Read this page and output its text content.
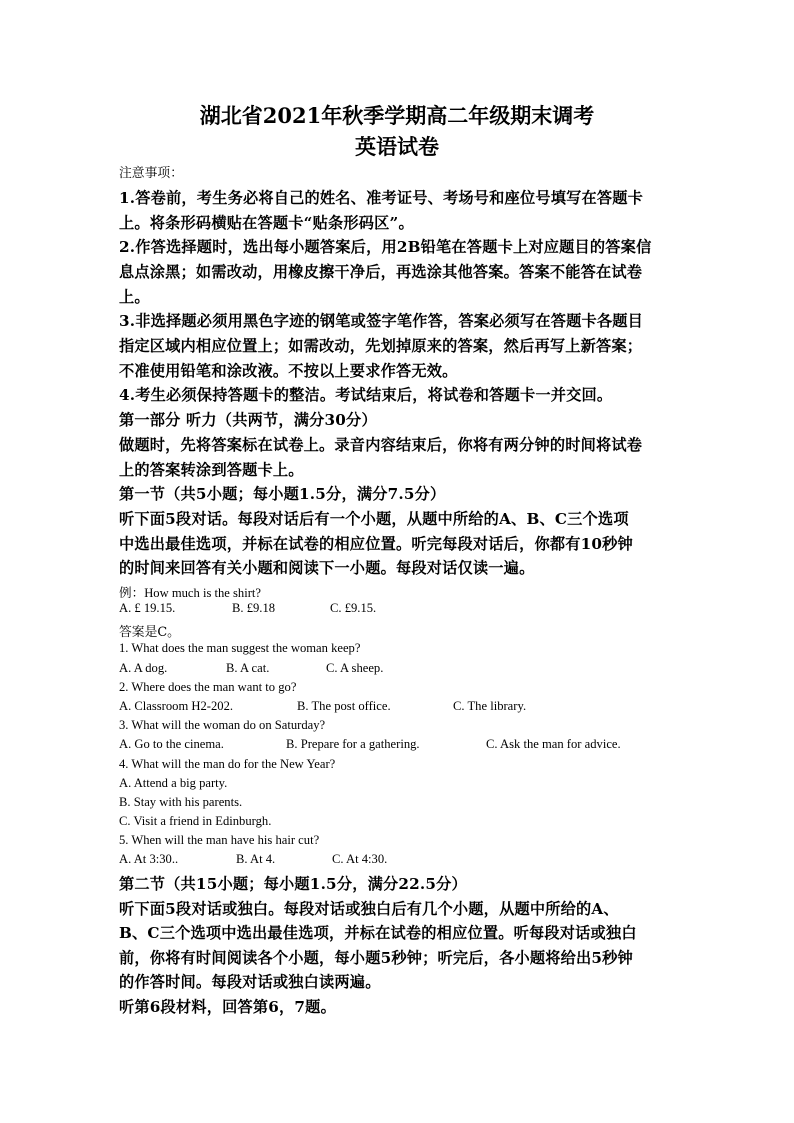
湖北省2021年秋季学期高二年级期末调考
英语试卷
注意事项：
1.答卷前，考生务必将自己的姓名、准考证号、考场号和座位号填写在答题卡
上。将条形码横贴在答题卡“贴条形码区”。
2.作答选择题时，选出每小题答案后，用2B铅笔在答题卡上对应题目的答案信
息点涂黑；如需改动，用橡皮擦干净后，再选涂其他答案。答案不能答在试卷
上。
3.非选择题必须用黑色字迹的钢笔或签字笔作答，答案必须写在答题卡各题目
指定区域内相应位置上；如需改动，先划掉原来的答案，然后再写上新答案；
不准使用铅笔和涂改液。不按以上要求作答无效。
4.考生必须保持答题卡的整洁。考试结束后，将试卷和答题卡一并交回。
第一部分 听力（共两节，满分30分）
做题时，先将答案标在试卷上。录音内容结束后，你将有两分钟的时间将试卷
上的答案转涂到答题卡上。
第一节（共5小题；每小题1.5分，满分7.5分）
听下面5段对话。每段对话后有一个小题，从题中所给的A、B、C三个选项
中选出最佳选项，并标在试卷的相应位置。听完每段对话后，你都有10秒钟
的时间来回答有关小题和阅读下一小题。每段对话仅读一遍。
例：How much is the shirt?
A. £ 19.15.	B. £9.18	C. £9.15.
答案是C。
1. What does the man suggest the woman keep?
A. A dog.	B. A cat.	C. A sheep.
2. Where does the man want to go?
A. Classroom H2-202.	B. The post office.	C. The library.
3. What will the woman do on Saturday?
A. Go to the cinema.	B. Prepare for a gathering.	C. Ask the man for advice.
4. What will the man do for the New Year?
A. Attend a big party.
B. Stay with his parents.
C. Visit a friend in Edinburgh.
5. When will the man have his hair cut?
A. At 3:30..	B. At 4.	C. At 4:30.
第二节（共15小题；每小题1.5分，满分22.5分）
听下面5段对话或独白。每段对话或独白后有几个小题，从题中所给的A、
B、C三个选项中选出最佳选项，并标在试卷的相应位置。听每段对话或独白
前，你将有时间阅读各个小题，每小题5秒钟；听完后，各小题将给出5秒钟
的作答时间。每段对话或独白读两遍。
听第6段材料，回答第6，7题。
